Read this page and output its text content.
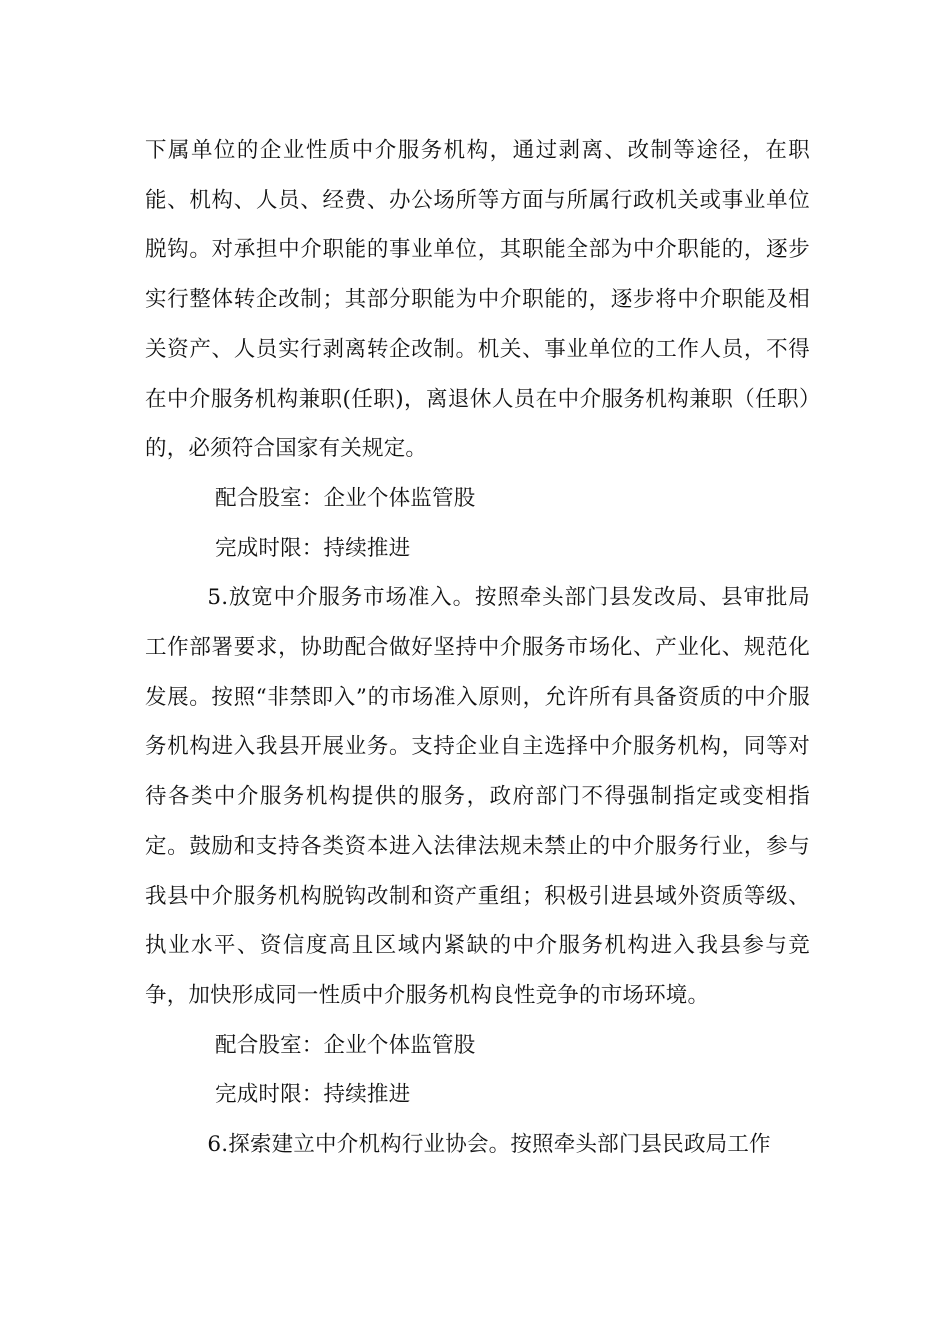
下属单位的企业性质中介服务机构，通过剥离、改制等途径，在职能、机构、人员、经费、办公场所等方面与所属行政机关或事业单位脱钩。对承担中介职能的事业单位，其职能全部为中介职能的，逐步实行整体转企改制；其部分职能为中介职能的，逐步将中介职能及相关资产、人员实行剥离转企改制。机关、事业单位的工作人员，不得在中介服务机构兼职(任职)，离退休人员在中介服务机构兼职（任职）的，必须符合国家有关规定。

配合股室：企业个体监管股

完成时限：持续推进

5.放宽中介服务市场准入。按照牵头部门县发改局、县审批局工作部署要求，协助配合做好坚持中介服务市场化、产业化、规范化发展。按照“非禁即入”的市场准入原则，允许所有具备资质的中介服务机构进入我县开展业务。支持企业自主选择中介服务机构，同等对待各类中介服务机构提供的服务，政府部门不得强制指定或变相指定。鼓励和支持各类资本进入法律法规未禁止的中介服务行业，参与我县中介服务机构脱钩改制和资产重组；积极引进县域外资质等级、执业水平、资信度高且区域内紧缺的中介服务机构进入我县参与竞争，加快形成同一性质中介服务机构良性竞争的市场环境。

配合股室：企业个体监管股

完成时限：持续推进

6.探索建立中介机构行业协会。按照牵头部门县民政局工作
